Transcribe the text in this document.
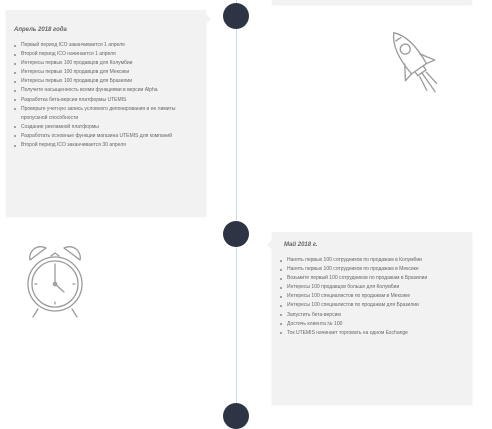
Апрель 2018 года
Первый период ICO заканчивается 1 апреля
Второй период ICO начинается 1 апреля
Интересы первых 100 продавцов для Колумбии
Интересы первых 100 продавцов для Мексики
Интересы первых 100 продавцов для Бразилии
Получите насыщенность всеми функциями в версии Alpha
Разработка бета-версии платформы UTEMIS
Проверьте учетную запись условного депонирования и ее лимиты пропускной способности
Создание рекламной платформы
Разработать основные функции магазина UTEMIS для компаний
Второй период ICO заканчивается 30 апреля
Май 2018 г.
Нанять первых 100 сотрудников по продажам в Колумбии
Нанять первых 100 сотрудников по продажам в Мексике
Возьмите первый 100 сотрудников по продажам в Бразилии
Интересы 100 продавцов больше для Колумбии
Интересы 100 специалистов по продажам в Мексике
Интересы 100 специалистов по продажам для Бразилии
Запустить бета-версию
Достичь клиента № 100
Ток UTEMIS начинает торговать на одном Exchange
